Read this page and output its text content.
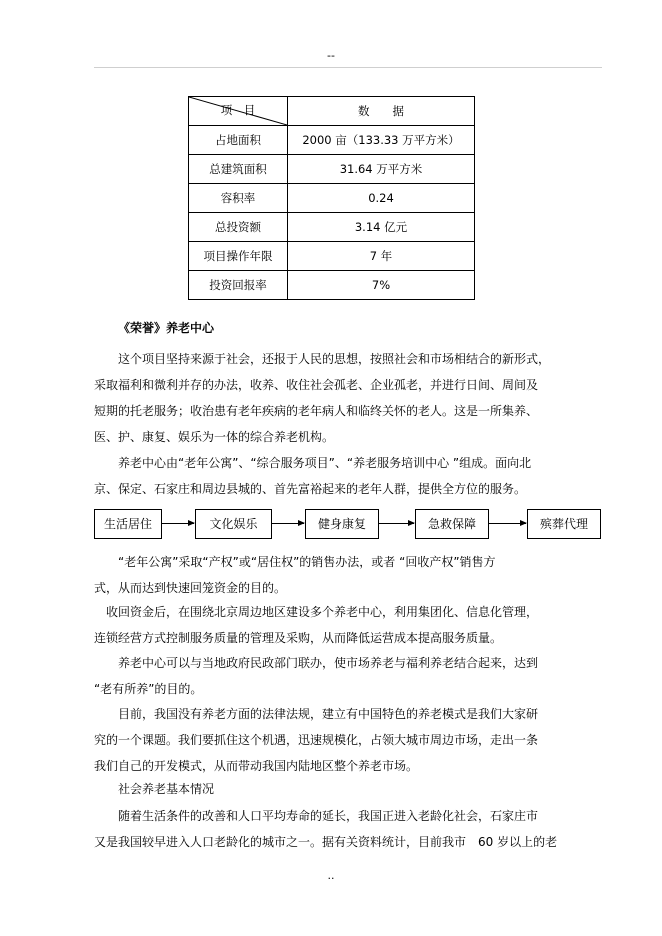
--
项　目	数　　据
占地面积	2000 亩（133.33 万平方米）
总建筑面积	31.64 万平方米
容积率	0.24
总投资额	3.14 亿元
项目操作年限	7 年
投资回报率	7%
《荣誉》养老中心
这个项目坚持来源于社会，还报于人民的思想，按照社会和市场相结合的新形式，
采取福利和微利并存的办法，收养、收住社会孤老、企业孤老，并进行日间、周间及
短期的托老服务；收治患有老年疾病的老年病人和临终关怀的老人。这是一所集养、
医、护、康复、娱乐为一体的综合养老机构。
养老中心由“老年公寓”、“综合服务项目”、“养老服务培训中心 ”组成。面向北
京、保定、石家庄和周边县城的、首先富裕起来的老年人群，提供全方位的服务。
生活居住	文化娱乐	健身康复	急救保障	殡葬代理
“老年公寓”采取“产权”或“居住权”的销售办法，或者 “回收产权”销售方
式，从而达到快速回笼资金的目的。
收回资金后，在围绕北京周边地区建设多个养老中心，利用集团化、信息化管理，
连锁经营方式控制服务质量的管理及采购，从而降低运营成本提高服务质量。
养老中心可以与当地政府民政部门联办，使市场养老与福利养老结合起来，达到
“老有所养”的目的。
目前，我国没有养老方面的法律法规，建立有中国特色的养老模式是我们大家研
究的一个课题。我们要抓住这个机遇，迅速规模化，占领大城市周边市场，走出一条
我们自己的开发模式，从而带动我国内陆地区整个养老市场。
社会养老基本情况
随着生活条件的改善和人口平均寿命的延长，我国正进入老龄化社会，石家庄市
又是我国较早进入人口老龄化的城市之一。据有关资料统计，目前我市　60 岁以上的老
..
